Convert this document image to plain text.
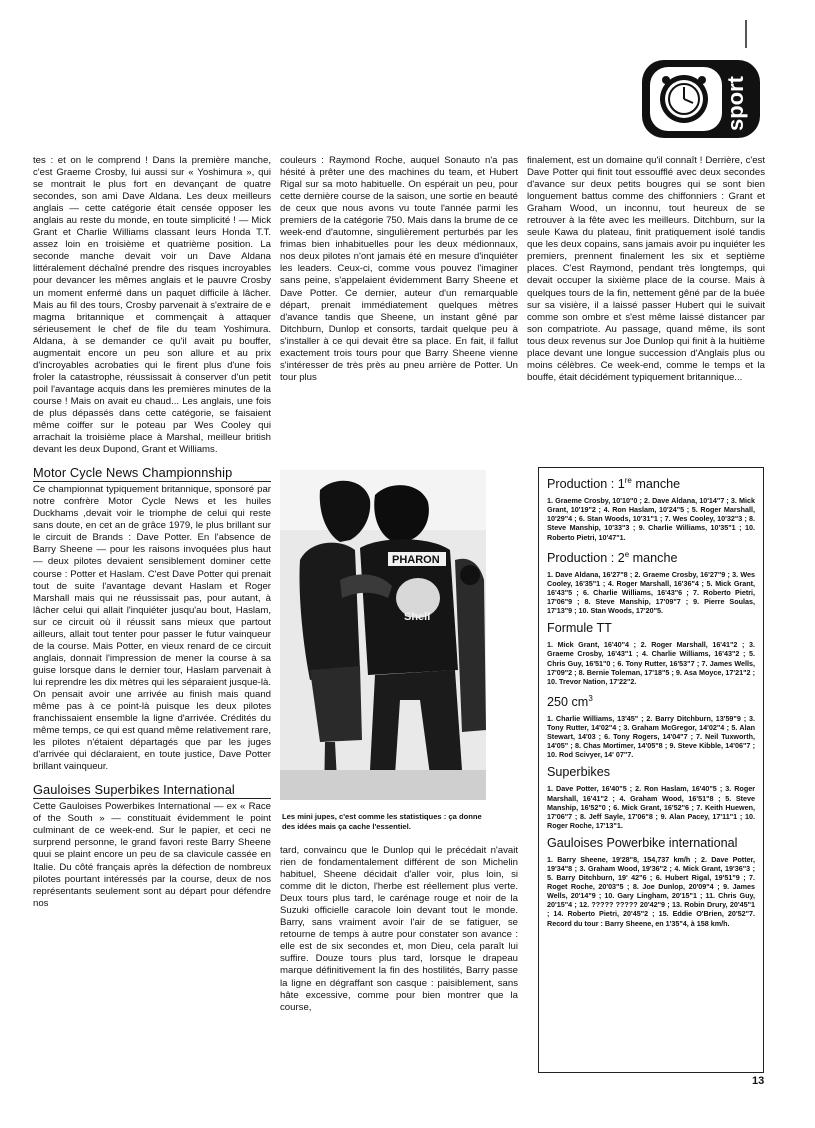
sport

tes : et on le comprend ! Dans la première manche, c'est Graeme Crosby, lui aussi sur « Yoshimura », qui se montrait le plus fort en devançant de quatre secondes, son ami Dave Aldana. Les deux meilleurs anglais — cette catégorie était censée opposer les anglais au reste du monde, en toute simplicité ! — Mick Grant et Charlie Williams classant leurs Honda T.T. assez loin en troisième et quatrième position. La seconde manche devait voir un Dave Aldana littéralement déchaîné prendre des risques incroyables pour devancer les mêmes anglais et le pauvre Crosby un moment enfermé dans un paquet difficile à lâcher. Mais au fil des tours, Crosby parvenait à s'extraire de e magma britannique et commençait à attaquer sérieusement le chef de file du team Yoshimura. Aldana, à se demander ce qu'il avait pu bouffer, augmentait encore un peu son allure et au prix d'incroyables acrobaties qui le firent plus d'une fois froler la catastrophe, réussissait à conserver d'un petit poil l'avantage acquis dans les premières minutes de la course ! Mais on avait eu chaud... Les anglais, une fois de plus dépassés dans cette catégorie, se faisaient même coiffer sur le poteau par Wes Cooley qui arrachait la troisième place à Marshal, meilleur british devant les deux Dupond, Grant et Williams.

Motor Cycle News Championnship

Ce championnat typiquement britannique, sponsoré par notre confrère Motor Cycle News et les huiles Duckhams ,devait voir le triomphe de celui qui reste sans doute, en cet an de grâce 1979, le plus brillant sur le circuit de Brands : Dave Potter. En l'absence de Barry Sheene — pour les raisons invoquées plus haut — deux pilotes devaient sensiblement dominer cette course : Potter et Haslam. C'est Dave Potter qui prenait tout de suite l'avantage devant Haslam et Roger Marshall mais qui ne réussissait pas, pour autant, à lâcher celui qui allait l'inquiéter jusqu'au bout, Haslam, sur ce circuit où il réussit sans mieux que partout ailleurs, allait tout tenter pour passer le futur vainqueur de la course. Mais Potter, en vieux renard de ce circuit anglais, donnait l'impression de mener la course à sa guise lorsque dans le dernier tour, Haslam parvenait à lui reprendre les dix mètres qui les séparaient jusque-là. On pensait avoir une arrivée au finish mais quand même pas à ce point-là puisque les deux pilotes franchissaient ensemble la ligne d'arrivée. Crédités du même temps, ce qui est quand même relativement rare, les pilotes n'étaient départagés que par les juges d'arrivée qui déclaraient, en toute justice, Dave Potter brillant vainqueur.

Gauloises Superbikes International

Cette Gauloises Powerbikes International — ex « Race of the South » — constituait évidemment le point culminant de ce week-end. Sur le papier, et ceci ne surprend personne, le grand favori reste Barry Sheene quui se plaint encore un peu de sa clavicule cassée en Italie. Du côté français après la défection de nombreux pilotes pourtant intéressés par la course, deux de nos représentants seulement sont au départ pour défendre nos

couleurs : Raymond Roche, auquel Sonauto n'a pas hésité à prêter une des machines du team, et Hubert Rigal sur sa moto habituelle. On espérait un peu, pour cette dernière course de la saison, une sortie en beauté de ceux que nous avons vu toute l'année parmi les premiers de la catégorie 750. Mais dans la brume de ce week-end d'automne, singulièrement perturbés par les frimas bien inhabituelles pour les deux médionnaux, nos deux pilotes n'ont jamais été en mesure d'inquiéter les leaders. Ceux-ci, comme vous pouvez l'imaginer sans peine, s'appelaient évidemment Barry Sheene et Dave Potter. Ce dernier, auteur d'un remarquable départ, prenait immédiatement quelques mètres d'avance tandis que Sheene, un instant gêné par Ditchburn, Dunlop et consorts, tardait quelque peu à s'installer à ce qui devait être sa place. En fait, il fallut exactement trois tours pour que Barry Sheene vienne s'intéresser de très près au pneu arrière de Potter. Un tour plus

PHARON
Shell
Les mini jupes, c'est comme les statistiques : ça donne des idées mais ça cache l'essentiel.

tard, convaincu que le Dunlop qui le précédait n'avait rien de fondamentalement différent de son Michelin habituel, Sheene décidait d'aller voir, plus loin, si comme dit le dicton, l'herbe est réellement plus verte. Deux tours plus tard, le carénage rouge et noir de la Suzuki officielle caracole loin devant tout le monde. Barry, sans vraiment avoir l'air de se fatiguer, se retourne de temps à autre pour constater son avance : elle est de six secondes et, mon Dieu, cela paraît lui suffire. Douze tours plus tard, lorsque le drapeau marque définitivement la fin des hostilités, Barry passe la ligne en dégraffant son casque : paisiblement, sans hâte excessive, comme pour bien montrer que la course,

finalement, est un domaine qu'il connaît ! Derrière, c'est Dave Potter qui finit tout essoufflé avec deux secondes d'avance sur deux petits bougres qui se sont bien longuement battus comme des chiffonniers : Grant et Graham Wood, un inconnu, tout heureux de se retrouver à la fête avec les meilleurs. Ditchburn, sur la seule Kawa du plateau, finit pratiquement isolé tandis que les deux copains, sans jamais avoir pu inquiéter les premiers, prennent finalement les six et septième places. C'est Raymond, pendant très longtemps, qui devait occuper la sixième place de la course. Mais à quelques tours de la fin, nettement gêné par de la buée sur sa visière, il a laissé passer Hubert qui le suivait comme son ombre et s'est même laissé distancer par son compatriote. Au passage, quand même, ils sont tous deux revenus sur Joe Dunlop qui finit à la huitième place devant une longue succession d'Anglais plus ou moins célèbres. Ce week-end, comme le temps et la bouffe, était décidément typiquement britannique...

Production : 1re manche
1. Graeme Crosby, 10'10"0 ; 2. Dave Aldana, 10'14"7 ; 3. Mick Grant, 10'19"2 ; 4. Ron Haslam, 10'24"5 ; 5. Roger Marshall, 10'29"4 ; 6. Stan Woods, 10'31"1 ; 7. Wes Cooley, 10'32"3 ; 8. Steve Manship, 10'33"3 ; 9. Charlie Williams, 10'35"1 ; 10. Roberto Pietri, 10'47"1.
Production : 2e manche
1. Dave Aldana, 16'27"8 ; 2. Graeme Crosby, 16'27"9 ; 3. Wes Cooley, 16'35"1 ; 4. Roger Marshall, 16'36"4 ; 5. Mick Grant, 16'43"5 ; 6. Charlie Williams, 16'43"6 ; 7. Roberto Pietri, 17'06"9 ; 8. Steve Manship, 17'09"7 ; 9. Pierre Soulas, 17'13"9 ; 10. Stan Woods, 17'20"5.
Formule TT
1. Mick Grant, 16'40"4 ; 2. Roger Marshall, 16'41"2 ; 3. Graeme Crosby, 16'43"1 ; 4. Charlie Williams, 16'43"2 ; 5. Chris Guy, 16'51"0 ; 6. Tony Rutter, 16'53"7 ; 7. James Wells, 17'09"2 ; 8. Bernie Toleman, 17'18"5 ; 9. Asa Moyce, 17'21"2 ; 10. Trevor Nation, 17'22"2.
250 $cm^3$
1. Charlie Williams, 13'45" ; 2. Barry Ditchburn, 13'59"9 ; 3. Tony Rutter, 14'02"4 ; 3. Graham McGregor, 14'02"4 ; 5. Alan Stewart, 14'03 ; 6. Tony Rogers, 14'04"7 ; 7. Neil Tuxworth, 14'05" ; 8. Chas Mortimer, 14'05"8 ; 9. Steve Kibble, 14'06"7 ; 10. Rod Scivyer, 14' 07"7.
Superbikes
1. Dave Potter, 16'40"5 ; 2. Ron Haslam, 16'40"5 ; 3. Roger Marshall, 16'41"2 ; 4. Graham Wood, 16'51"8 ; 5. Steve Manship, 16'52"0 ; 6. Mick Grant, 16'52"6 ; 7. Keith Huewen, 17'06"7 ; 8. Jeff Sayle, 17'06"8 ; 9. Alan Pacey, 17'11"1 ; 10. Roger Roche, 17'13"1.
Gauloises Powerbike international
1. Barry Sheene, 19'28"8, 154,737 km/h ; 2. Dave Potter, 19'34"8 ; 3. Graham Wood, 19'36"2 ; 4. Mick Grant, 19'36"3 ; 5. Barry Ditchburn, 19' 42"6 ; 6. Hubert Rigal, 19'51"9 ; 7. Roget Roche, 20'03"5 ; 8. Joe Dunlop, 20'09"4 ; 9. James Wells, 20'14"9 ; 10. Gary Lingham, 20'15"1 ; 11. Chris Guy, 20'15"4 ; 12. ????? ????? 20'42"9 ; 13. Robin Drury, 20'45"1 ; 14. Roberto Pietri, 20'45"2 ; 15. Eddie O'Brien, 20'52"7. Record du tour : Barry Sheene, en 1'35"4, à 158 km/h.
13
